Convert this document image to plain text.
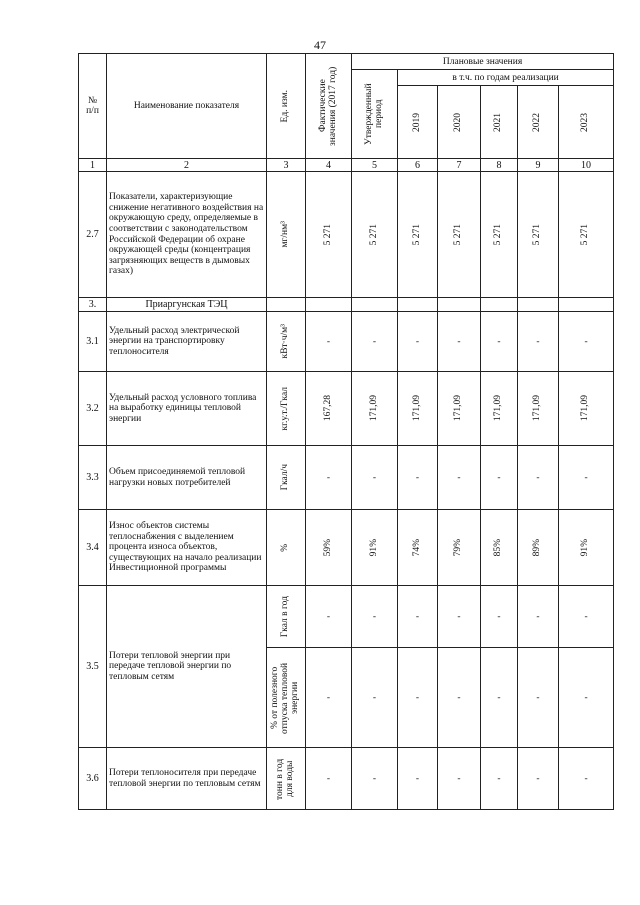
47
№ п/п	Наименование показателя	Ед. изм.	Фактические значения (2017 год)	Плановые значения					

				Утвержденный период	в т.ч. по годам реализации				

					2019	2020	2021	2022	2023

1	2	3	4	5	6	7	8	9	10
2.7	Показатели, характеризующие снижение негативного воздействия на окружающую среду, определяемые в соответствии с законодательством Российской Федерации об охране окружающей среды (концентрация загрязняющих веществ в дымовых газах)	мг/нм³	5 271	5 271	5 271	5 271	5 271	5 271	5 271

3.	Приаргунская ТЭЦ								
3.1	Удельный расход электрической энергии на транспортировку теплоносителя	кВт·ч/м³	-	-	-	-	-	-	-
3.2	Удельный расход условного топлива на выработку единицы тепловой энергии	кг.у.т./Гкал	167,28	171,09	171,09	171,09	171,09	171,09	171,09

3.3	Объем присоединяемой тепловой нагрузки новых потребителей	Гкал/ч	-	-	-	-	-	-	-
3.4	Износ объектов системы теплоснабжения с выделением процента износа объектов, существующих на начало реализации Инвестиционной программы	%	59%	91%	74%	79%	85%	89%	91%

3.5	Потери тепловой энергии при передаче тепловой энергии по тепловым сетям	Гкал в год	-	-	-	-	-	-	-

		% от полезного отпуска тепловой энергии	-	-	-	-	-	-	-
3.6	Потери теплоносителя при передаче тепловой энергии по тепловым сетям	тонн в год для воды	-	-	-	-	-	-	-
